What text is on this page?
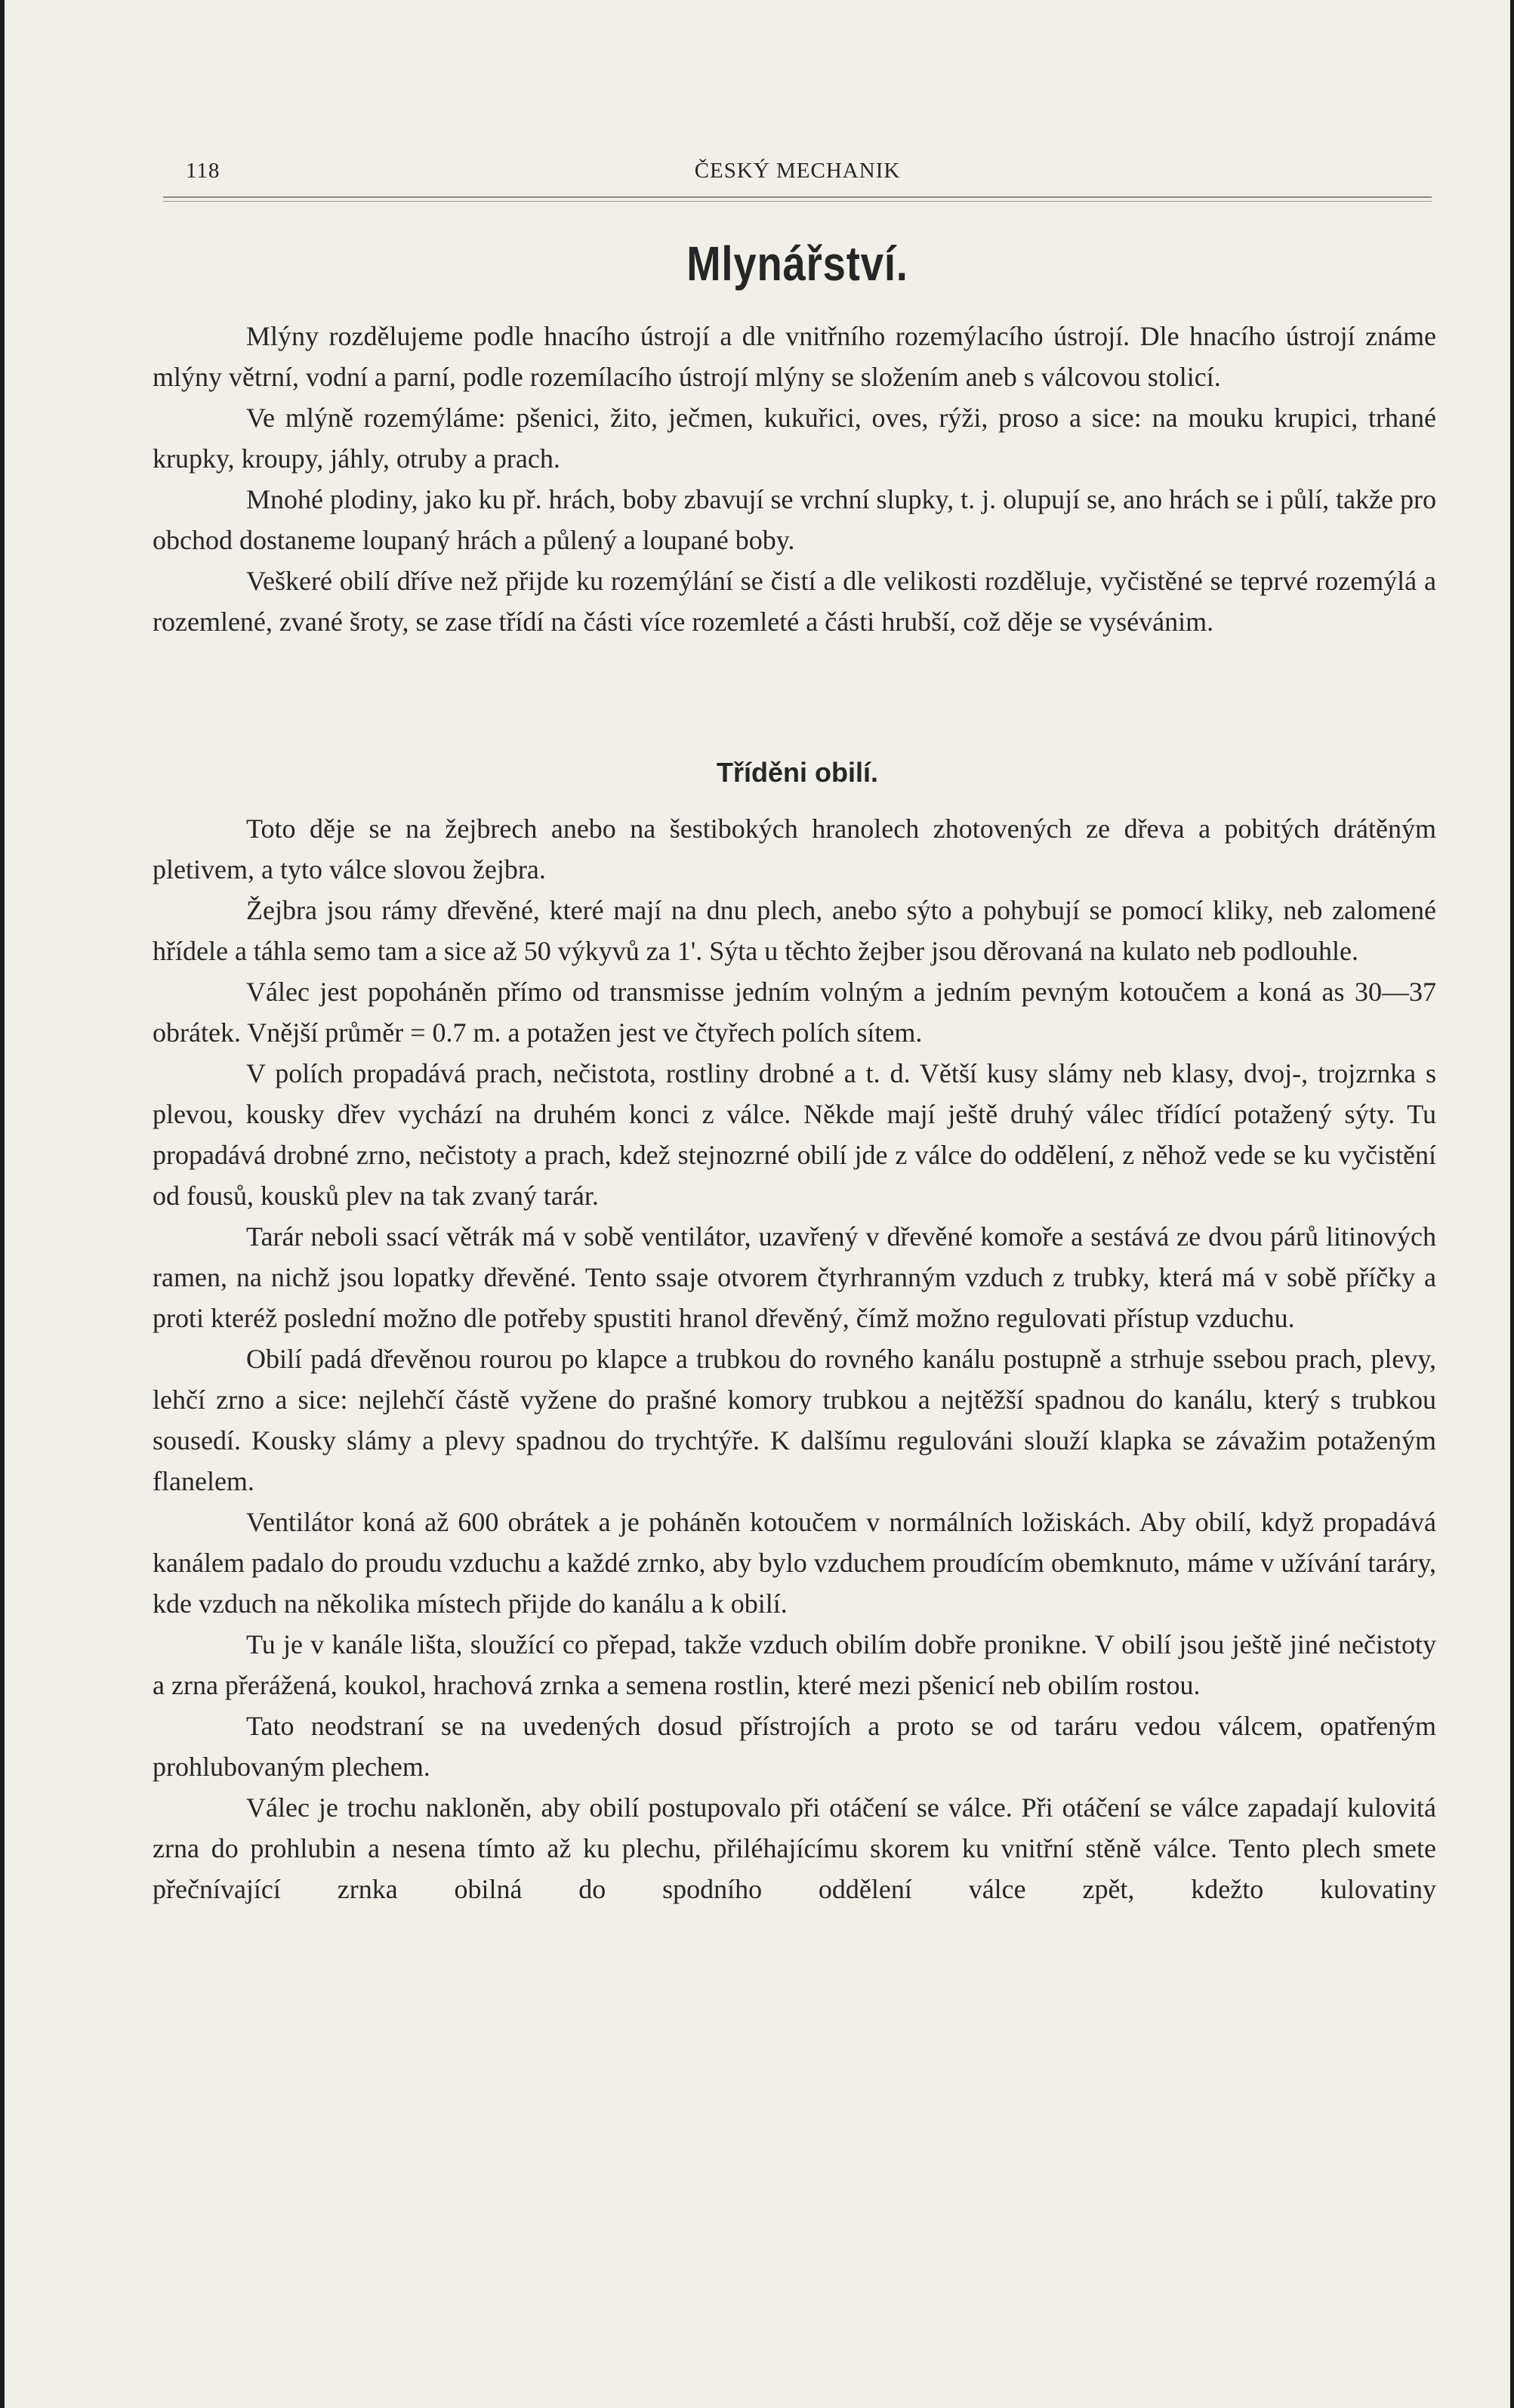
118	ČESKÝ MECHANIK
Mlynářství.

Mlýny rozdělujeme podle hnacího ústrojí a dle vnitřního rozemýlacího ústrojí. Dle hnacího ústrojí známe mlýny větrní, vodní a parní, podle rozemílacího ústrojí mlýny se složením aneb s válcovou stolicí.

Ve mlýně rozemýláme: pšenici, žito, ječmen, kukuřici, oves, rýži, proso a sice: na mouku krupici, trhané krupky, kroupy, jáhly, otruby a prach.

Mnohé plodiny, jako ku př. hrách, boby zbavují se vrchní slupky, t. j. olupují se, ano hrách se i půlí, takže pro obchod dostaneme loupaný hrách a půlený a loupané boby.

Veškeré obilí dříve než přijde ku rozemýlání se čistí a dle velikosti rozděluje, vyčistěné se teprvé rozemýlá a rozemlené, zvané šroty, se zase třídí na části více rozemleté a části hrubší, což děje se vysévánim.

Tříděni obilí.

Toto děje se na žejbrech anebo na šestibokých hranolech zhotovených ze dřeva a pobitých drátěným pletivem, a tyto válce slovou žejbra.

Žejbra jsou rámy dřevěné, které mají na dnu plech, anebo sýto a pohybují se pomocí kliky, neb zalomené hřídele a táhla semo tam a sice až 50 výkyvů za 1'. Sýta u těchto žejber jsou děrovaná na kulato neb podlouhle.

Válec jest popoháněn přímo od transmisse jedním volným a jedním pevným kotoučem a koná as 30—37 obrátek. Vnější průměr = 0.7 m. a potažen jest ve čtyřech polích sítem.

V polích propadává prach, nečistota, rostliny drobné a t. d. Větší kusy slámy neb klasy, dvoj-, trojzrnka s plevou, kousky dřev vychází na druhém konci z válce. Někde mají ještě druhý válec třídící potažený sýty. Tu propadává drobné zrno, nečistoty a prach, kdež stejnozrné obilí jde z válce do oddělení, z něhož vede se ku vyčistění od fousů, kousků plev na tak zvaný tarár.

Tarár neboli ssací větrák má v sobě ventilátor, uzavřený v dřevěné komoře a sestává ze dvou párů litinových ramen, na nichž jsou lopatky dřevěné. Tento ssaje otvorem čtyrhranným vzduch z trubky, která má v sobě příčky a proti kteréž poslední možno dle potřeby spustiti hranol dřevěný, čímž možno regulovati přístup vzduchu.

Obilí padá dřevěnou rourou po klapce a trubkou do rovného kanálu postupně a strhuje ssebou prach, plevy, lehčí zrno a sice: nejlehčí částě vyžene do prašné komory trubkou a nejtěžší spadnou do kanálu, který s trubkou sousedí. Kousky slámy a plevy spadnou do trychtýře. K dalšímu regulováni slouží klapka se závažim potaženým flanelem.

Ventilátor koná až 600 obrátek a je poháněn kotoučem v normálních ložiskách. Aby obilí, když propadává kanálem padalo do proudu vzduchu a každé zrnko, aby bylo vzduchem proudícím obemknuto, máme v užívání taráry, kde vzduch na několika místech přijde do kanálu a k obilí.

Tu je v kanále lišta, sloužící co přepad, takže vzduch obilím dobře pronikne. V obilí jsou ještě jiné nečistoty a zrna přerážená, koukol, hrachová zrnka a semena rostlin, které mezi pšenicí neb obilím rostou.

Tato neodstraní se na uvedených dosud přístrojích a proto se od taráru vedou válcem, opatřeným prohlubovaným plechem.

Válec je trochu nakloněn, aby obilí postupovalo při otáčení se válce. Při otáčení se válce zapadají kulovitá zrna do prohlubin a nesena tímto až ku plechu, přiléhajícímu skorem ku vnitřní stěně válce. Tento plech smete přečnívající zrnka obilná do spodního oddělení válce zpět, kdežto kulovatiny
